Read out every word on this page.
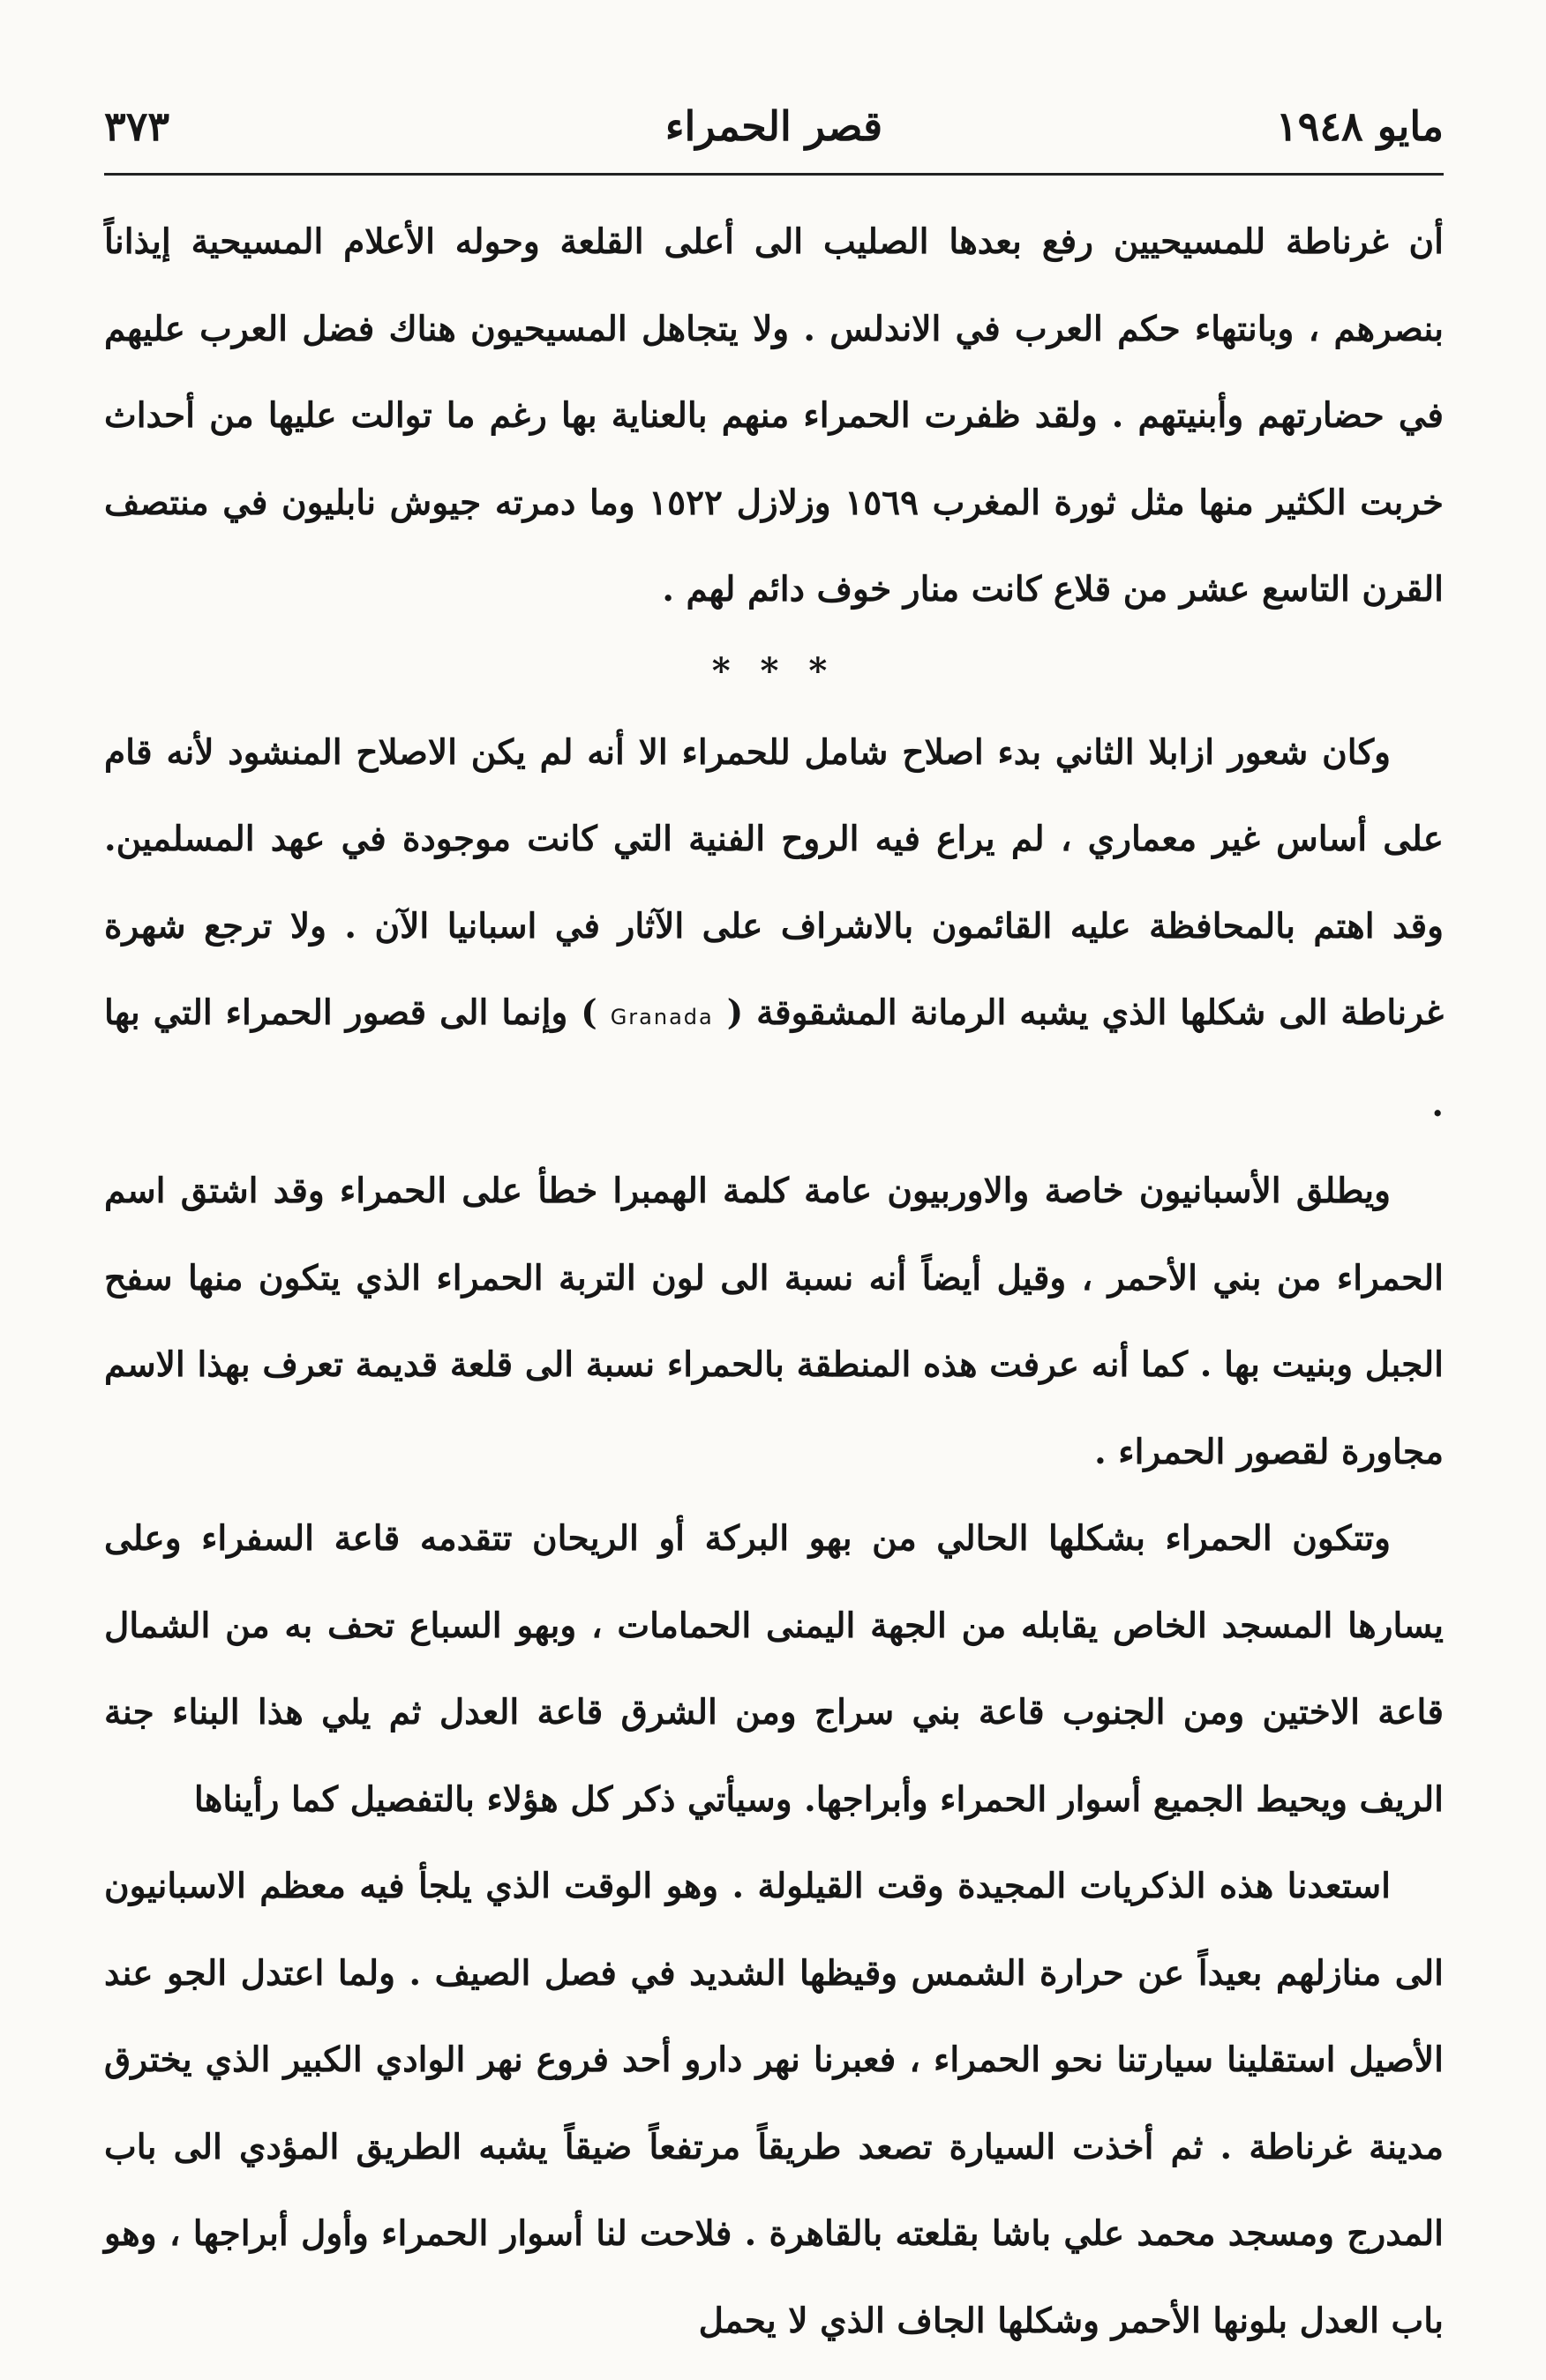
مايو ١٩٤٨
قصر الحمراء
٣٧٣

أن غرناطة للمسيحيين رفع بعدها الصليب الى أعلى القلعة وحوله الأعلام المسيحية إيذاناً بنصرهم ، وبانتهاء حكم العرب في الاندلس . ولا يتجاهل المسيحيون هناك فضل العرب عليهم في حضارتهم وأبنيتهم . ولقد ظفرت الحمراء منهم بالعناية بها رغم ما توالت عليها من أحداث خربت الكثير منها مثل ثورة المغرب ١٥٦٩ وزلازل ١٥٢٢ وما دمرته جيوش نابليون في منتصف القرن التاسع عشر من قلاع كانت منار خوف دائم لهم .

* * *

وكان شعور ازابلا الثاني بدء اصلاح شامل للحمراء الا أنه لم يكن الاصلاح المنشود لأنه قام على أساس غير معماري ، لم يراع فيه الروح الفنية التي كانت موجودة في عهد المسلمين. وقد اهتم بالمحافظة عليه القائمون بالاشراف على الآثار في اسبانيا الآن . ولا ترجع شهرة غرناطة الى شكلها الذي يشبه الرمانة المشقوقة ( Granada ) وإنما الى قصور الحمراء التي بها .

ويطلق الأسبانيون خاصة والاوربيون عامة كلمة الهمبرا خطأ على الحمراء وقد اشتق اسم الحمراء من بني الأحمر ، وقيل أيضاً أنه نسبة الى لون التربة الحمراء الذي يتكون منها سفح الجبل وبنيت بها . كما أنه عرفت هذه المنطقة بالحمراء نسبة الى قلعة قديمة تعرف بهذا الاسم مجاورة لقصور الحمراء .

وتتكون الحمراء بشكلها الحالي من بهو البركة أو الريحان تتقدمه قاعة السفراء وعلى يسارها المسجد الخاص يقابله من الجهة اليمنى الحمامات ، وبهو السباع تحف به من الشمال قاعة الاختين ومن الجنوب قاعة بني سراج ومن الشرق قاعة العدل ثم يلي هذا البناء جنة الريف ويحيط الجميع أسوار الحمراء وأبراجها. وسيأتي ذكر كل هؤلاء بالتفصيل كما رأيناها

استعدنا هذه الذكريات المجيدة وقت القيلولة . وهو الوقت الذي يلجأ فيه معظم الاسبانيون الى منازلهم بعيداً عن حرارة الشمس وقيظها الشديد في فصل الصيف . ولما اعتدل الجو عند الأصيل استقلينا سيارتنا نحو الحمراء ، فعبرنا نهر دارو أحد فروع نهر الوادي الكبير الذي يخترق مدينة غرناطة . ثم أخذت السيارة تصعد طريقاً مرتفعاً ضيقاً يشبه الطريق المؤدي الى باب المدرج ومسجد محمد علي باشا بقلعته بالقاهرة . فلاحت لنا أسوار الحمراء وأول أبراجها ، وهو باب العدل بلونها الأحمر وشكلها الجاف الذي لا يحمل
